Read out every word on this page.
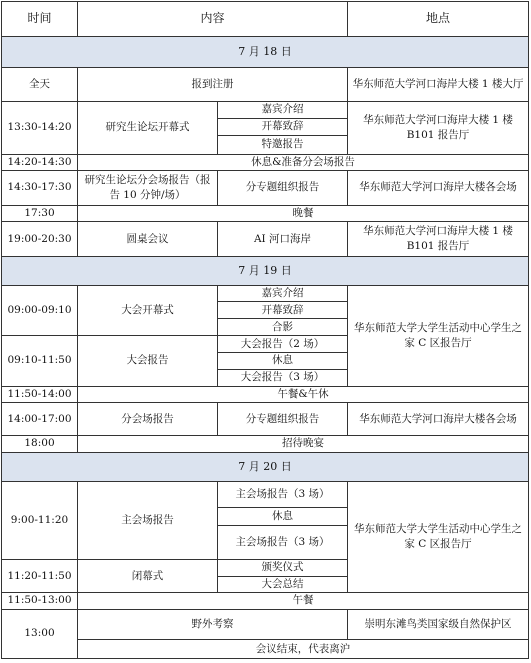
时间	内容		地点
7 月 18 日			
全天	报到注册		华东师范大学河口海岸大楼 1 楼大厅
13:30-14:20	研究生论坛开幕式	嘉宾介绍	华东师范大学河口海岸大楼 1 楼 B101 报告厅
		开幕致辞	
		特邀报告	
14:20-14:30	休息&准备分会场报告		
14:30-17:30	研究生论坛分会场报告（报告 10 分钟/场）	分专题组织报告	华东师范大学河口海岸大楼各会场
17:30	晚餐		
19:00-20:30	圆桌会议	AI 河口海岸	华东师范大学河口海岸大楼 1 楼 B101 报告厅
7 月 19 日			
09:00-09:10	大会开幕式	嘉宾介绍	华东师范大学大学生活动中心学生之家 C 区报告厅
		开幕致辞	
		合影	
09:10-11:50	大会报告	大会报告（2 场）	
		休息	
		大会报告（3 场）	
11:50-14:00	午餐&午休		
14:00-17:00	分会场报告	分专题组织报告	华东师范大学河口海岸大楼各会场
18:00	招待晚宴		
7 月 20 日			
9:00-11:20	主会场报告	主会场报告（3 场）	华东师范大学大学生活动中心学生之家 C 区报告厅
		休息	
		主会场报告（3 场）	
11:20-11:50	闭幕式	颁奖仪式	
		大会总结	
11:50-13:00	午餐		
13:00	野外考察		崇明东滩鸟类国家级自然保护区
	会议结束，代表离沪		
